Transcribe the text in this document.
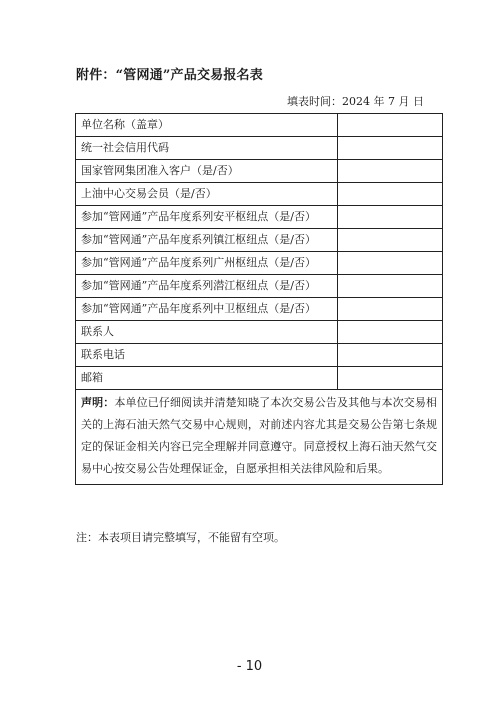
附件：“管网通”产品交易报名表
填表时间：2024 年 7 月 日
单位名称（盖章）	
统一社会信用代码	
国家管网集团准入客户（是/否）	
上油中心交易会员（是/否）	
参加“管网通”产品年度系列安平枢纽点（是/否）	
参加“管网通”产品年度系列镇江枢纽点（是/否）	
参加“管网通”产品年度系列广州枢纽点（是/否）	
参加“管网通”产品年度系列潜江枢纽点（是/否）	
参加“管网通”产品年度系列中卫枢纽点（是/否）	
联系人	
联系电话	
邮箱	
声明：本单位已仔细阅读并清楚知晓了本次交易公告及其他与本次交易相关的上海石油天然气交易中心规则，对前述内容尤其是交易公告第七条规定的保证金相关内容已完全理解并同意遵守。同意授权上海石油天然气交易中心按交易公告处理保证金，自愿承担相关法律风险和后果。	
注：本表项目请完整填写，不能留有空项。
- 10
